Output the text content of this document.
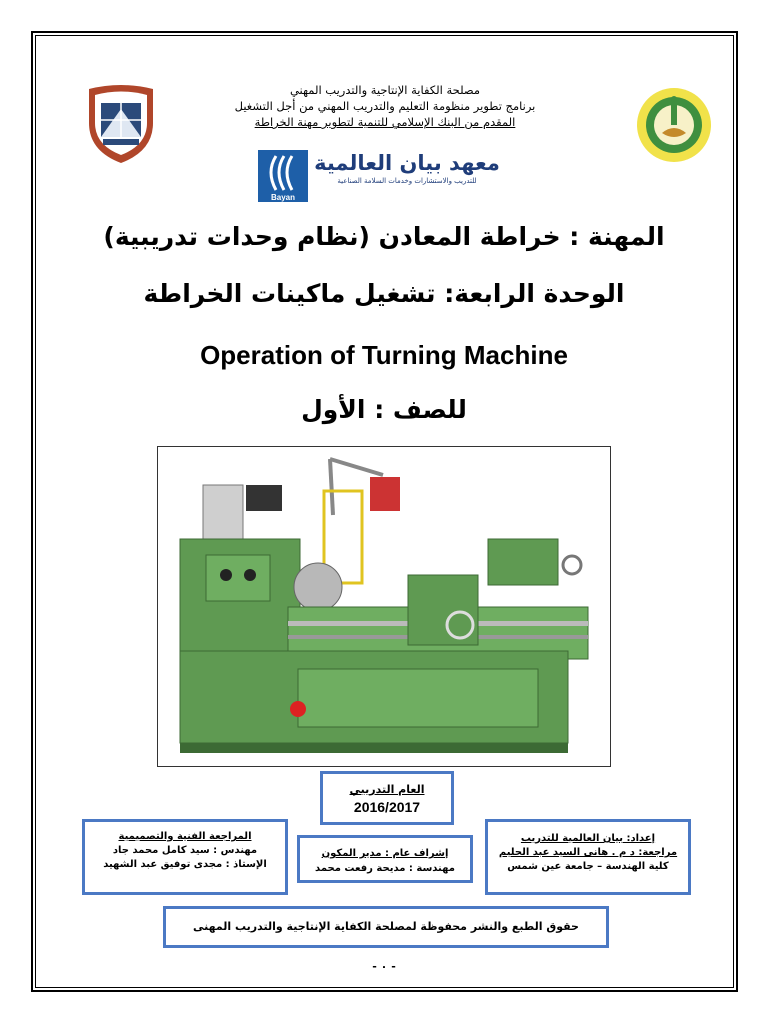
مصلحة الكفاية الإنتاجية والتدريب المهني
برنامج تطوير منظومة التعليم والتدريب المهني من أجل التشغيل
المقدم من البنك الإسلامي للتنمية لتطوير مهنة الخراطة
Bayan
معهد بيان العالمية
للتدريب والاستشارات وخدمات السلامة الصناعية
المهنة : خراطة المعادن (نظام وحدات تدريبية)
الوحدة الرابعة: تشغيل ماكينات الخراطة
Operation of Turning Machine
للصف : الأول
العام التدريبي
2016/2017
إعداد: بيان العالمية للتدريب
مراجعة: د م . هانى السيد عبد الحليم
كلية الهندسة – جامعة عين شمس
إشراف عام : مدير المكون
مهندسة : مديحة رفعت محمد
المراجعة الفنية والتصميمية
مهندس : سيد كامل محمد جاد
الإستاذ : مجدى توفيق عبد الشهيد
حقوق الطبع والنشر محفوظة لمصلحة الكفاية الإنتاجية والتدريب المهنى
- ٠ -
